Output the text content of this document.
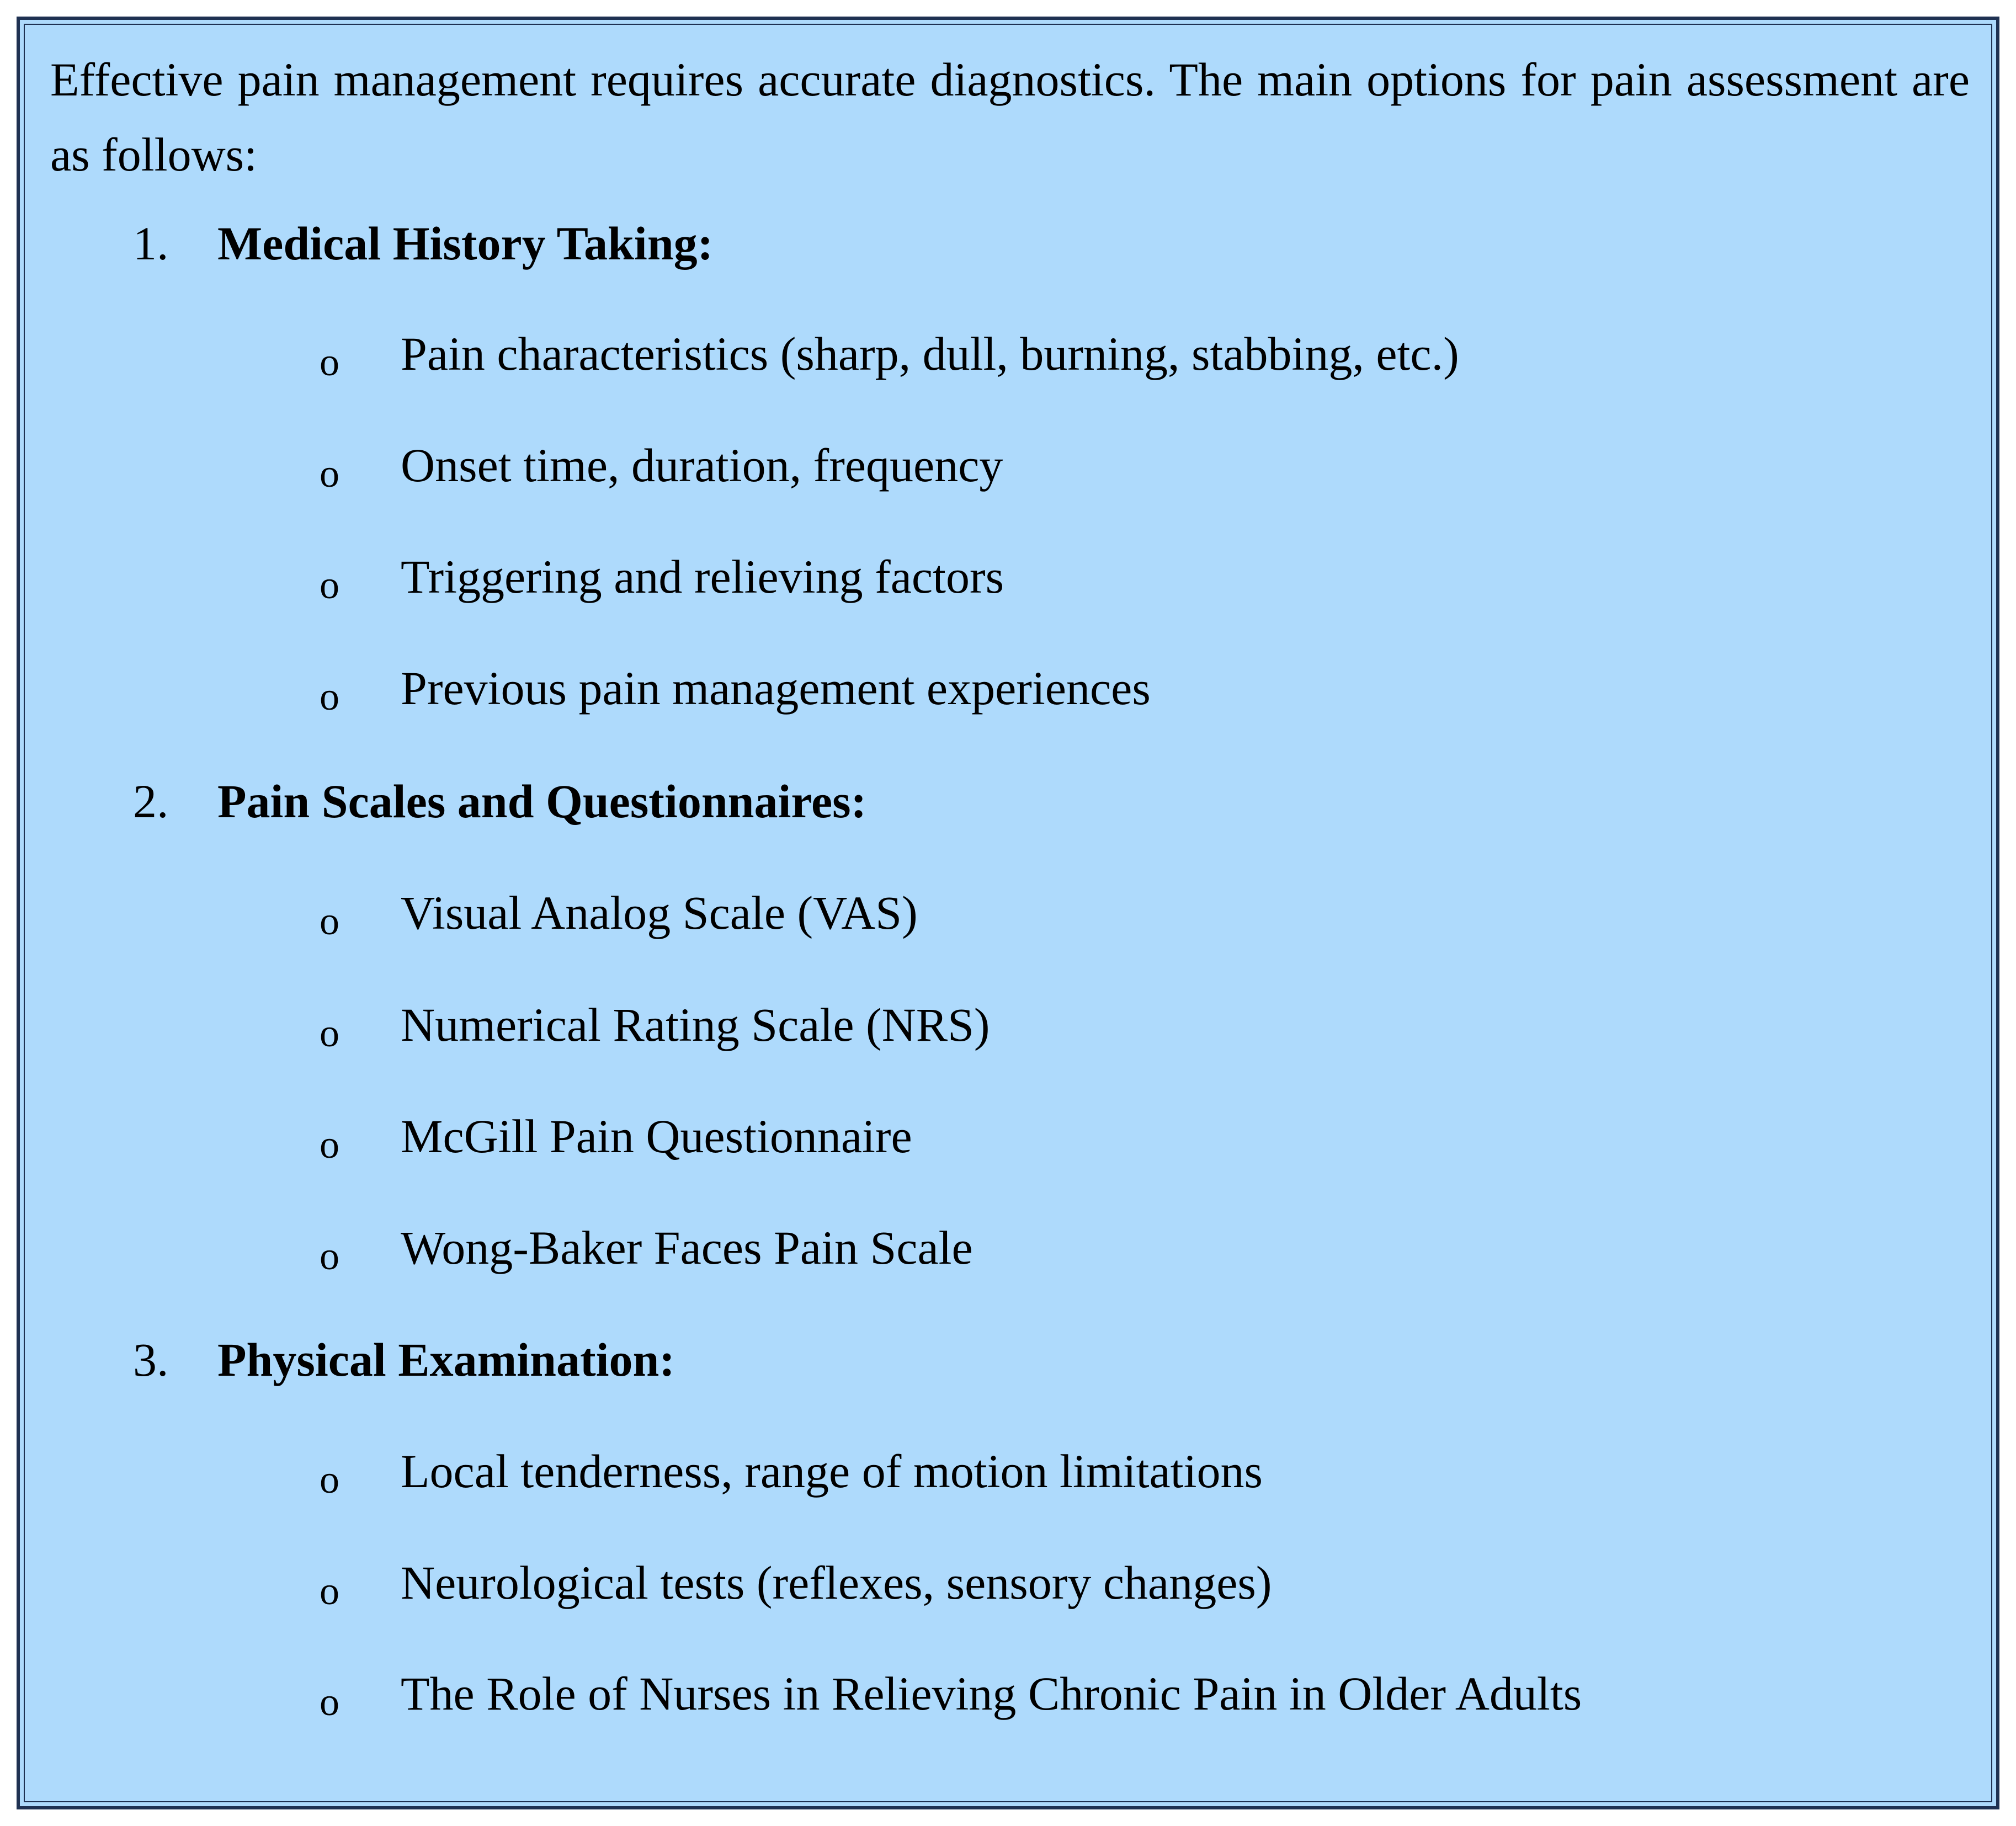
Effective pain management requires accurate diagnostics. The main options for pain assessment are as follows:

1. Medical History Taking:
o Pain characteristics (sharp, dull, burning, stabbing, etc.)
o Onset time, duration, frequency
o Triggering and relieving factors
o Previous pain management experiences
2. Pain Scales and Questionnaires:
o Visual Analog Scale (VAS)
o Numerical Rating Scale (NRS)
o McGill Pain Questionnaire
o Wong-Baker Faces Pain Scale
3. Physical Examination:
o Local tenderness, range of motion limitations
o Neurological tests (reflexes, sensory changes)
o The Role of Nurses in Relieving Chronic Pain in Older Adults
